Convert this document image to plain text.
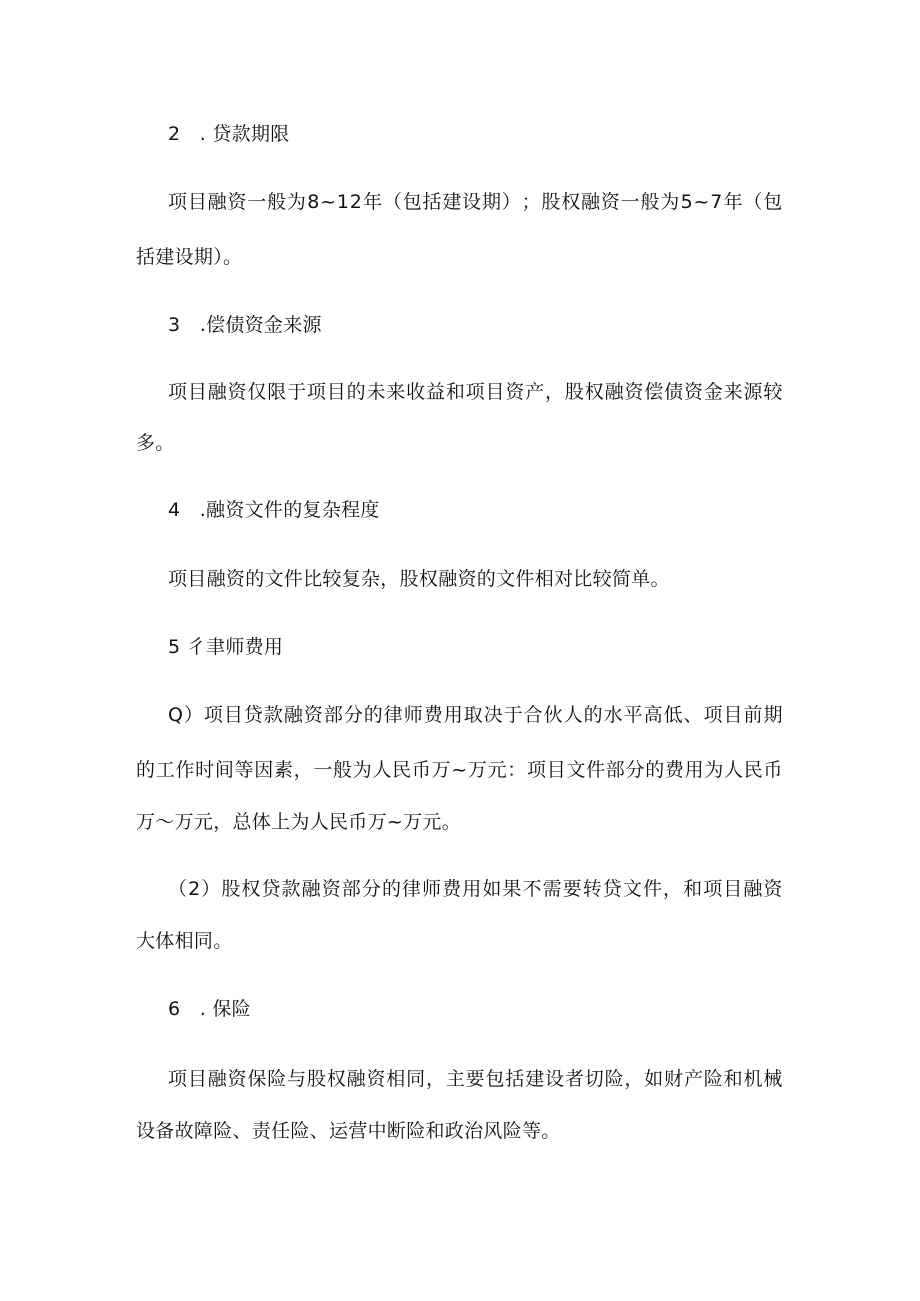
2　. 贷款期限
项 目 融 资 一 般 为 8 ~ 1 2 年 （ 包 括 建 设 期 ） ； 股 权 融 资 一 般 为 5 ~ 7 年 （ 包
括建设期）。
3　.偿债资金来源
项 目 融 资 仅 限 于 项 目 的 未 来 收 益 和 项 目 资 产 ， 股 权 融 资 偿 债 资 金 来 源 较
多。
4　.融资文件的复杂程度
项目融资的文件比较复杂，股权融资的文件相对比较简单。
5 彳聿师费用
Q ） 项 目 贷 款 融 资 部 分 的 律 师 费 用 取 决 于 合 伙 人 的 水 平 高 低 、 项 目 前 期
的 工 作 时 间 等 因 素 ， 一 般 为 人 民 币 万 ~ 万 元 ： 项 目 文 件 部 分 的 费 用 为 人 民 币
万～万元，总体上为人民币万~万元。
（ 2 ） 股 权 贷 款 融 资 部 分 的 律 师 费 用 如 果 不 需 要 转 贷 文 件 ， 和 项 目 融 资
大体相同。
6　. 保险
项 目 融 资 保 险 与 股 权 融 资 相 同 ， 主 要 包 括 建 设 者 切 险 ， 如 财 产 险 和 机 械
设备故障险、责任险、运营中断险和政治风险等。
